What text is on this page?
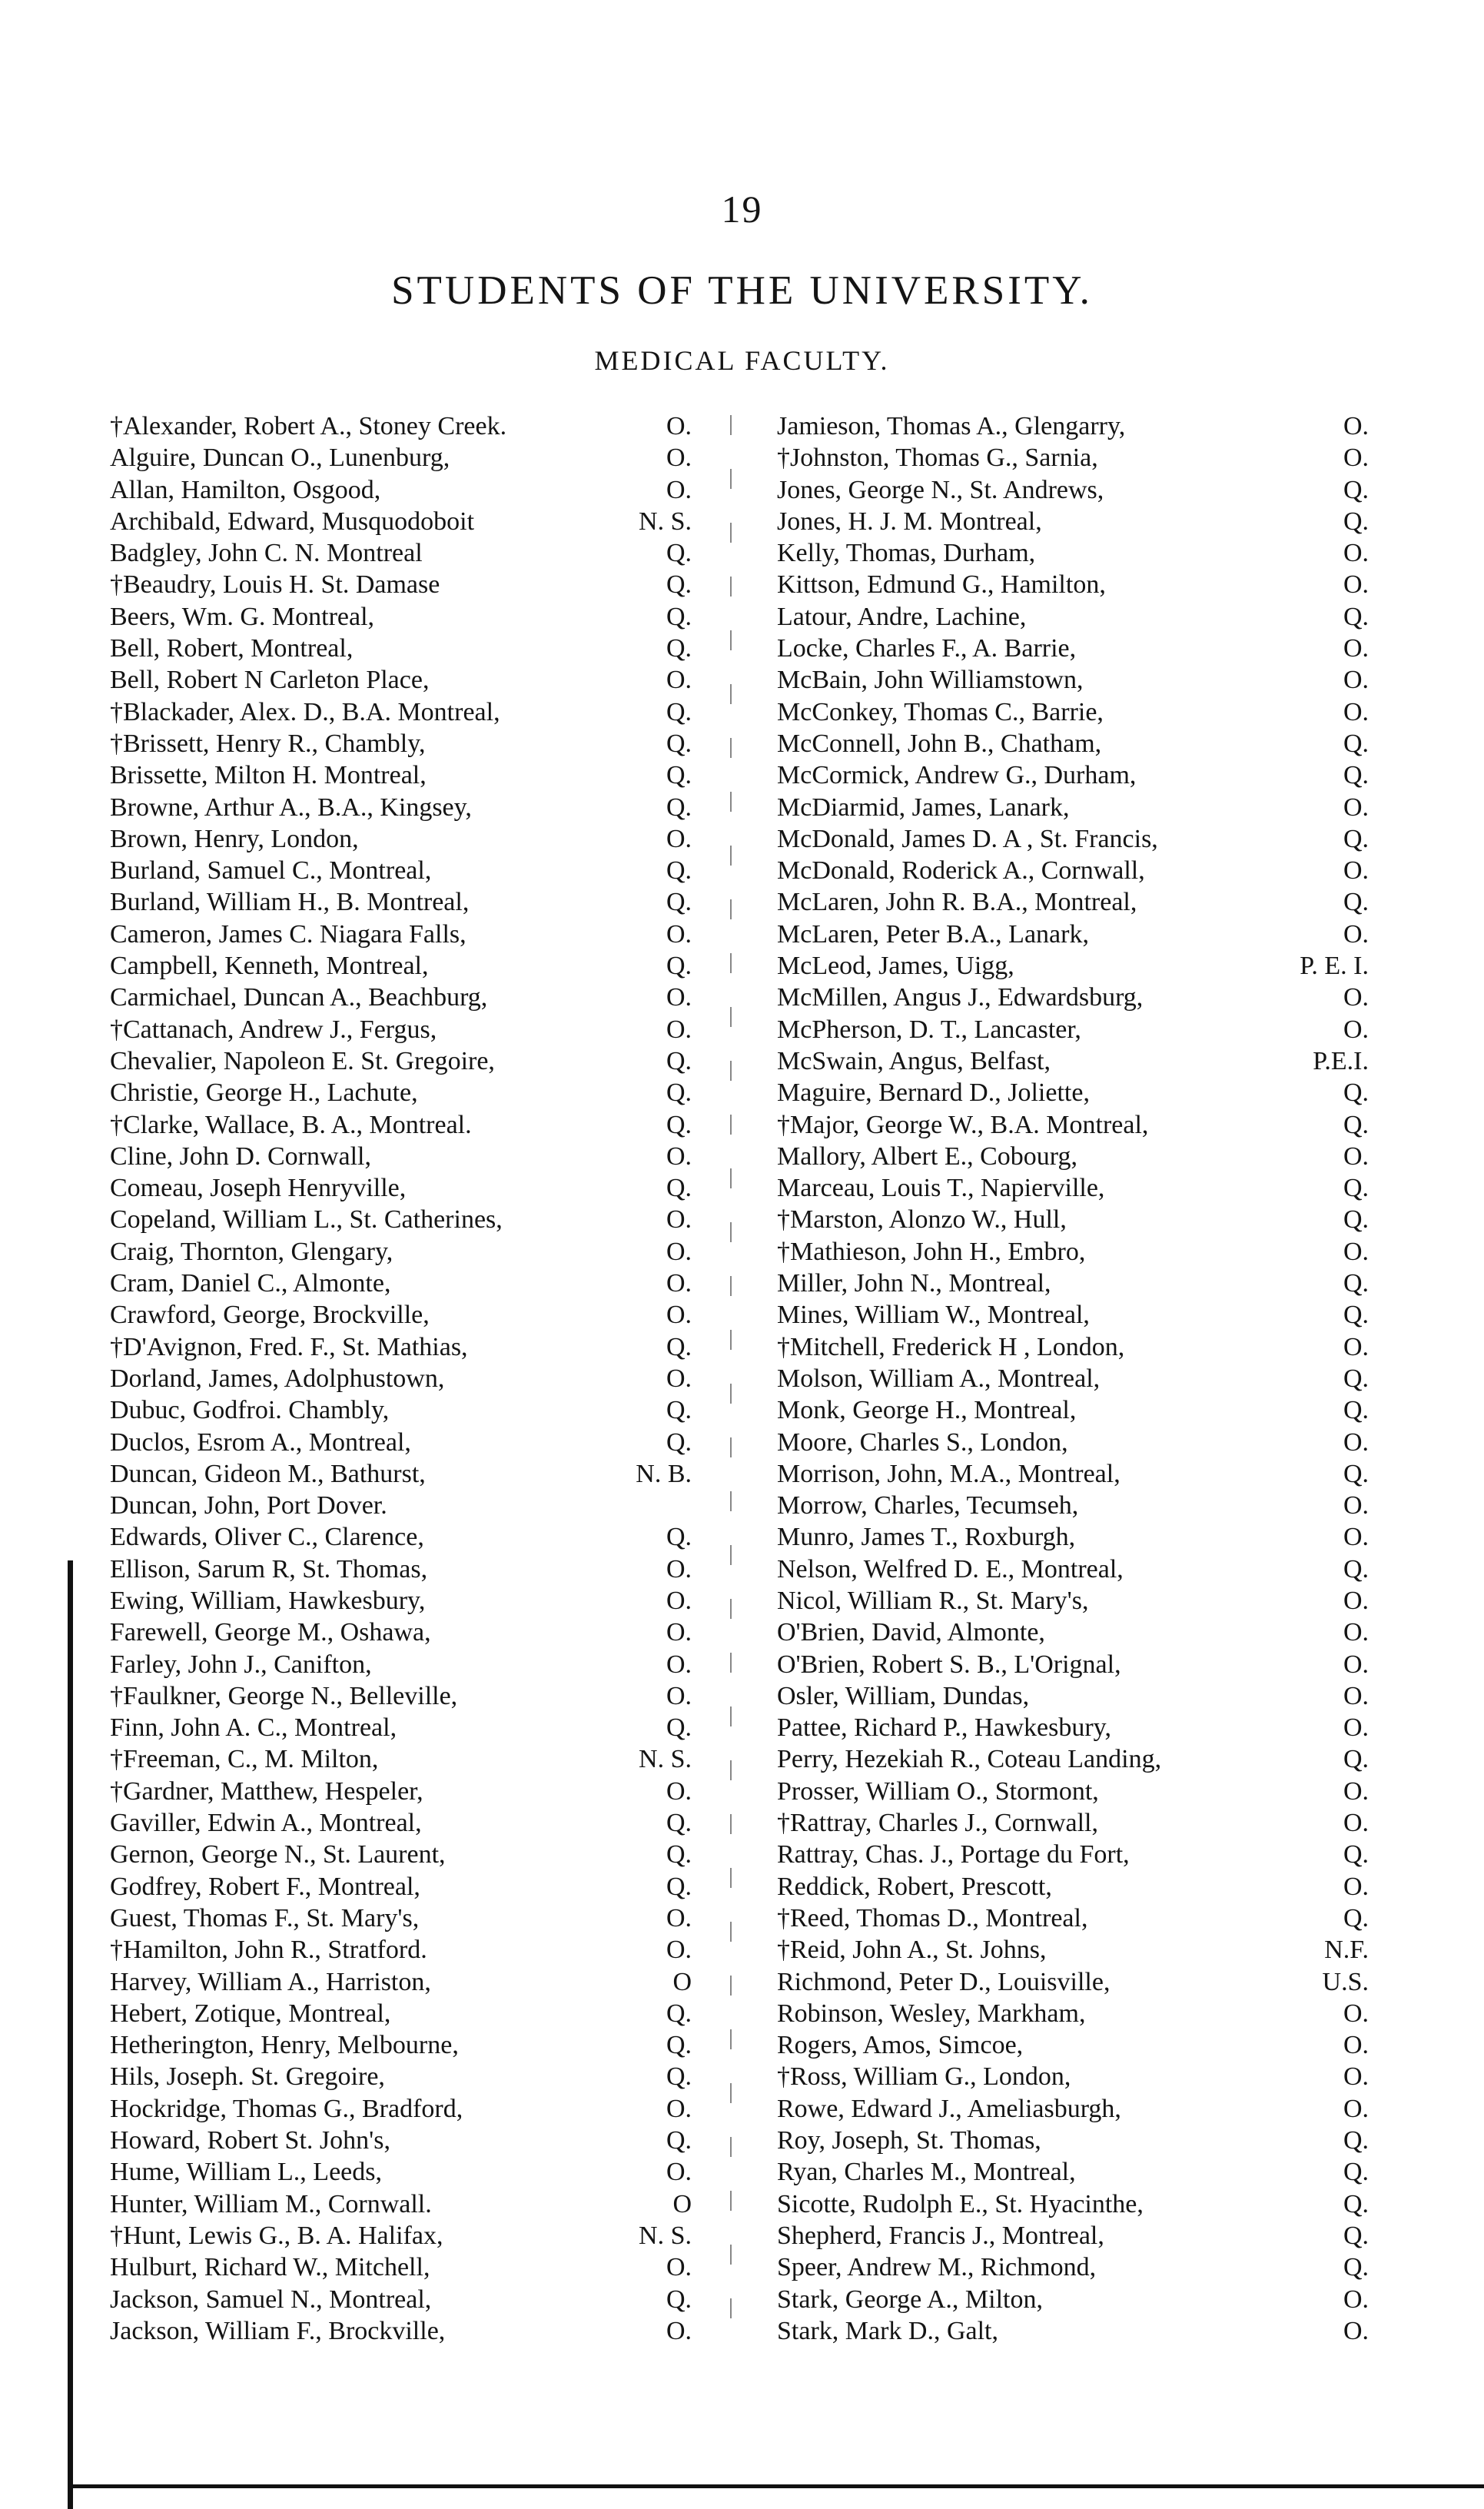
19
STUDENTS OF THE UNIVERSITY.
MEDICAL FACULTY.
†Alexander, Robert A., Stoney Creek.	O.
Alguire, Duncan O., Lunenburg,	O.
Allan, Hamilton, Osgood,	O.
Archibald, Edward, Musquodoboit	N. S.
Badgley, John C. N. Montreal	Q.
†Beaudry, Louis H. St. Damase	Q.
Beers, Wm. G. Montreal,	Q.
Bell, Robert, Montreal,	Q.
Bell, Robert N Carleton Place,	O.
†Blackader, Alex. D., B.A. Montreal,	Q.
†Brissett, Henry R., Chambly,	Q.
Brissette, Milton H. Montreal,	Q.
Browne, Arthur A., B.A., Kingsey,	Q.
Brown, Henry, London,	O.
Burland, Samuel C., Montreal,	Q.
Burland, William H., B. Montreal,	Q.
Cameron, James C. Niagara Falls,	O.
Campbell, Kenneth, Montreal,	Q.
Carmichael, Duncan A., Beachburg,	O.
†Cattanach, Andrew J., Fergus,	O.
Chevalier, Napoleon E. St. Gregoire,	Q.
Christie, George H., Lachute,	Q.
†Clarke, Wallace, B. A., Montreal.	Q.
Cline, John D. Cornwall,	O.
Comeau, Joseph Henryville,	Q.
Copeland, William L., St. Catherines,	O.
Craig, Thornton, Glengary,	O.
Cram, Daniel C., Almonte,	O.
Crawford, George, Brockville,	O.
†D'Avignon, Fred. F., St. Mathias,	Q.
Dorland, James, Adolphustown,	O.
Dubuc, Godfroi. Chambly,	Q.
Duclos, Esrom A., Montreal,	Q.
Duncan, Gideon M., Bathurst,	N. B.
Duncan, John, Port Dover.
Edwards, Oliver C., Clarence,	Q.
Ellison, Sarum R, St. Thomas,	O.
Ewing, William, Hawkesbury,	O.
Farewell, George M., Oshawa,	O.
Farley, John J., Canifton,	O.
†Faulkner, George N., Belleville,	O.
Finn, John A. C., Montreal,	Q.
†Freeman, C., M. Milton,	N. S.
†Gardner, Matthew, Hespeler,	O.
Gaviller, Edwin A., Montreal,	Q.
Gernon, George N., St. Laurent,	Q.
Godfrey, Robert F., Montreal,	Q.
Guest, Thomas F., St. Mary's,	O.
†Hamilton, John R., Stratford.	O.
Harvey, William A., Harriston,	O
Hebert, Zotique, Montreal,	Q.
Hetherington, Henry, Melbourne,	Q.
Hils, Joseph. St. Gregoire,	Q.
Hockridge, Thomas G., Bradford,	O.
Howard, Robert St. John's,	Q.
Hume, William L., Leeds,	O.
Hunter, William M., Cornwall.	O
†Hunt, Lewis G., B. A. Halifax,	N. S.
Hulburt, Richard W., Mitchell,	O.
Jackson, Samuel N., Montreal,	Q.
Jackson, William F., Brockville,	O.
Jamieson, Thomas A., Glengarry,	O.
†Johnston, Thomas G., Sarnia,	O.
Jones, George N., St. Andrews,	Q.
Jones, H. J. M. Montreal,	Q.
Kelly, Thomas, Durham,	O.
Kittson, Edmund G., Hamilton,	O.
Latour, Andre, Lachine,	Q.
Locke, Charles F., A. Barrie,	O.
McBain, John Williamstown,	O.
McConkey, Thomas C., Barrie,	O.
McConnell, John B., Chatham,	Q.
McCormick, Andrew G., Durham,	Q.
McDiarmid, James, Lanark,	O.
McDonald, James D. A , St. Francis,	Q.
McDonald, Roderick A., Cornwall,	O.
McLaren, John R. B.A., Montreal,	Q.
McLaren, Peter B.A., Lanark,	O.
McLeod, James, Uigg,	P. E. I.
McMillen, Angus J., Edwardsburg,	O.
McPherson, D. T., Lancaster,	O.
McSwain, Angus, Belfast,	P.E.I.
Maguire, Bernard D., Joliette,	Q.
†Major, George W., B.A. Montreal,	Q.
Mallory, Albert E., Cobourg,	O.
Marceau, Louis T., Napierville,	Q.
†Marston, Alonzo W., Hull,	Q.
†Mathieson, John H., Embro,	O.
Miller, John N., Montreal,	Q.
Mines, William W., Montreal,	Q.
†Mitchell, Frederick H , London,	O.
Molson, William A., Montreal,	Q.
Monk, George H., Montreal,	Q.
Moore, Charles S., London,	O.
Morrison, John, M.A., Montreal,	Q.
Morrow, Charles, Tecumseh,	O.
Munro, James T., Roxburgh,	O.
Nelson, Welfred D. E., Montreal,	Q.
Nicol, William R., St. Mary's,	O.
O'Brien, David, Almonte,	O.
O'Brien, Robert S. B., L'Orignal,	O.
Osler, William, Dundas,	O.
Pattee, Richard P., Hawkesbury,	O.
Perry, Hezekiah R., Coteau Landing,	Q.
Prosser, William O., Stormont,	O.
†Rattray, Charles J., Cornwall,	O.
Rattray, Chas. J., Portage du Fort,	Q.
Reddick, Robert, Prescott,	O.
†Reed, Thomas D., Montreal,	Q.
†Reid, John A., St. Johns,	N.F.
Richmond, Peter D., Louisville,	U.S.
Robinson, Wesley, Markham,	O.
Rogers, Amos, Simcoe,	O.
†Ross, William G., London,	O.
Rowe, Edward J., Ameliasburgh,	O.
Roy, Joseph, St. Thomas,	Q.
Ryan, Charles M., Montreal,	Q.
Sicotte, Rudolph E., St. Hyacinthe,	Q.
Shepherd, Francis J., Montreal,	Q.
Speer, Andrew M., Richmond,	Q.
Stark, George A., Milton,	O.
Stark, Mark D., Galt,	O.
